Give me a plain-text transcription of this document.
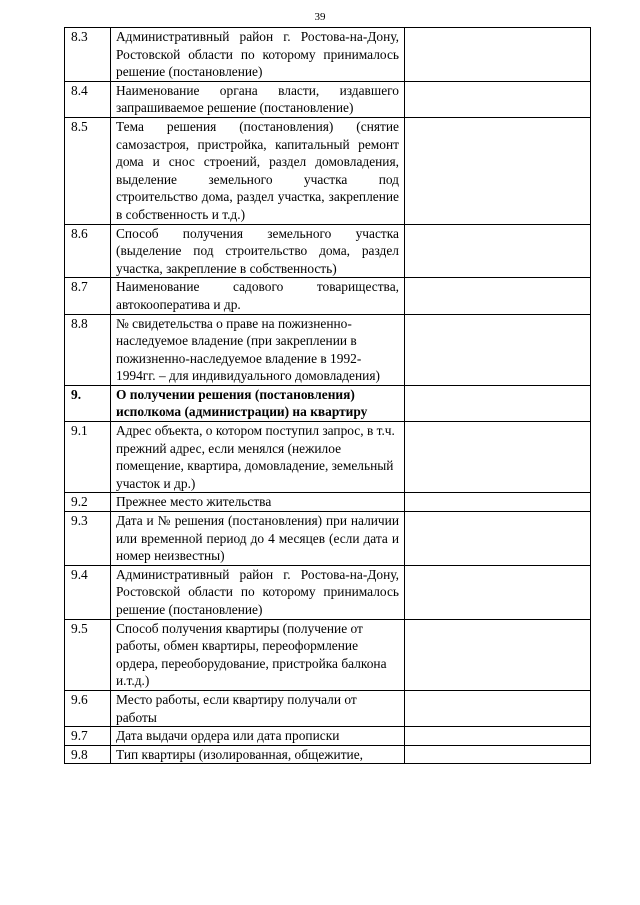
39
8.3	Административный район г. Ростова-на-Дону, Ростовской области по которому принималось решение (постановление)	
8.4	Наименование органа власти, издавшего запрашиваемое решение (постановление)	
8.5	Тема решения (постановления) (снятие самозастроя, пристройка, капитальный ремонт дома и снос строений, раздел домовладения, выделение земельного участка под строительство дома, раздел участка, закрепление в собственность и т.д.)	
8.6	Способ получения земельного участка (выделение под строительство дома, раздел участка, закрепление в собственность)	
8.7	Наименование садового товарищества, автокооператива и др.	
8.8	№ свидетельства о праве на пожизненно-наследуемое владение (при закреплении в пожизненно-наследуемое владение в 1992-1994гг. – для индивидуального домовладения)	
9.	О получении решения (постановления) исполкома (администрации) на квартиру	
9.1	Адрес объекта, о котором поступил запрос, в т.ч. прежний адрес, если менялся (нежилое помещение, квартира, домовладение, земельный участок и др.)	
9.2	Прежнее место жительства	
9.3	Дата и № решения (постановления) при наличии или временной период до 4 месяцев (если дата и номер неизвестны)	
9.4	Административный район г. Ростова-на-Дону, Ростовской области по которому принималось решение (постановление)	
9.5	Способ получения квартиры (получение от работы, обмен квартиры, переоформление ордера, переоборудование, пристройка балкона и.т.д.)	
9.6	Место работы, если квартиру получали от работы	
9.7	Дата выдачи ордера или дата прописки	
9.8	Тип квартиры (изолированная, общежитие,	
